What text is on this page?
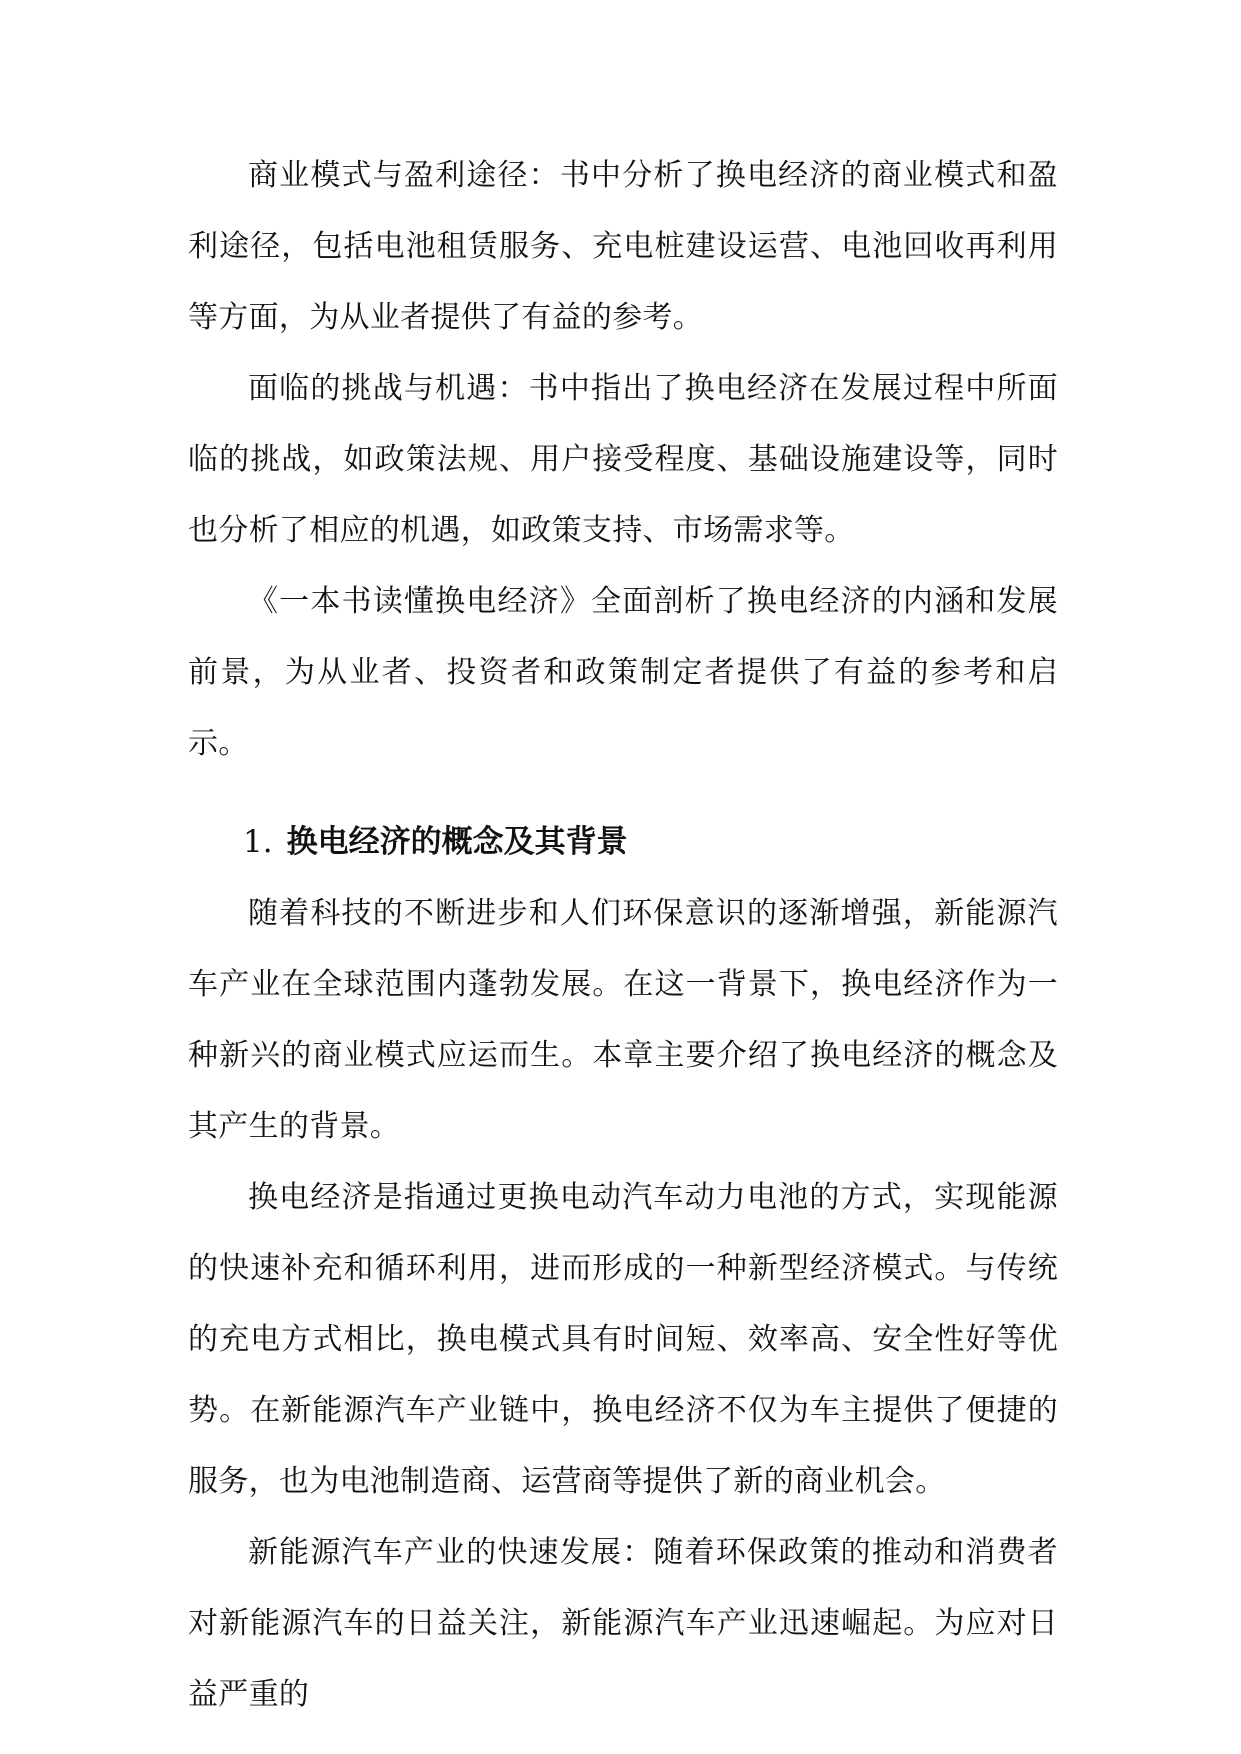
商业模式与盈利途径：书中分析了换电经济的商业模式和盈利途径，包括电池租赁服务、充电桩建设运营、电池回收再利用等方面，为从业者提供了有益的参考。

面临的挑战与机遇：书中指出了换电经济在发展过程中所面临的挑战，如政策法规、用户接受程度、基础设施建设等，同时也分析了相应的机遇，如政策支持、市场需求等。

《一本书读懂换电经济》全面剖析了换电经济的内涵和发展前景，为从业者、投资者和政策制定者提供了有益的参考和启示。

1. 换电经济的概念及其背景

随着科技的不断进步和人们环保意识的逐渐增强，新能源汽车产业在全球范围内蓬勃发展。在这一背景下，换电经济作为一种新兴的商业模式应运而生。本章主要介绍了换电经济的概念及其产生的背景。

换电经济是指通过更换电动汽车动力电池的方式，实现能源的快速补充和循环利用，进而形成的一种新型经济模式。与传统的充电方式相比，换电模式具有时间短、效率高、安全性好等优势。在新能源汽车产业链中，换电经济不仅为车主提供了便捷的服务，也为电池制造商、运营商等提供了新的商业机会。

新能源汽车产业的快速发展：随着环保政策的推动和消费者对新能源汽车的日益关注，新能源汽车产业迅速崛起。为应对日益严重的
